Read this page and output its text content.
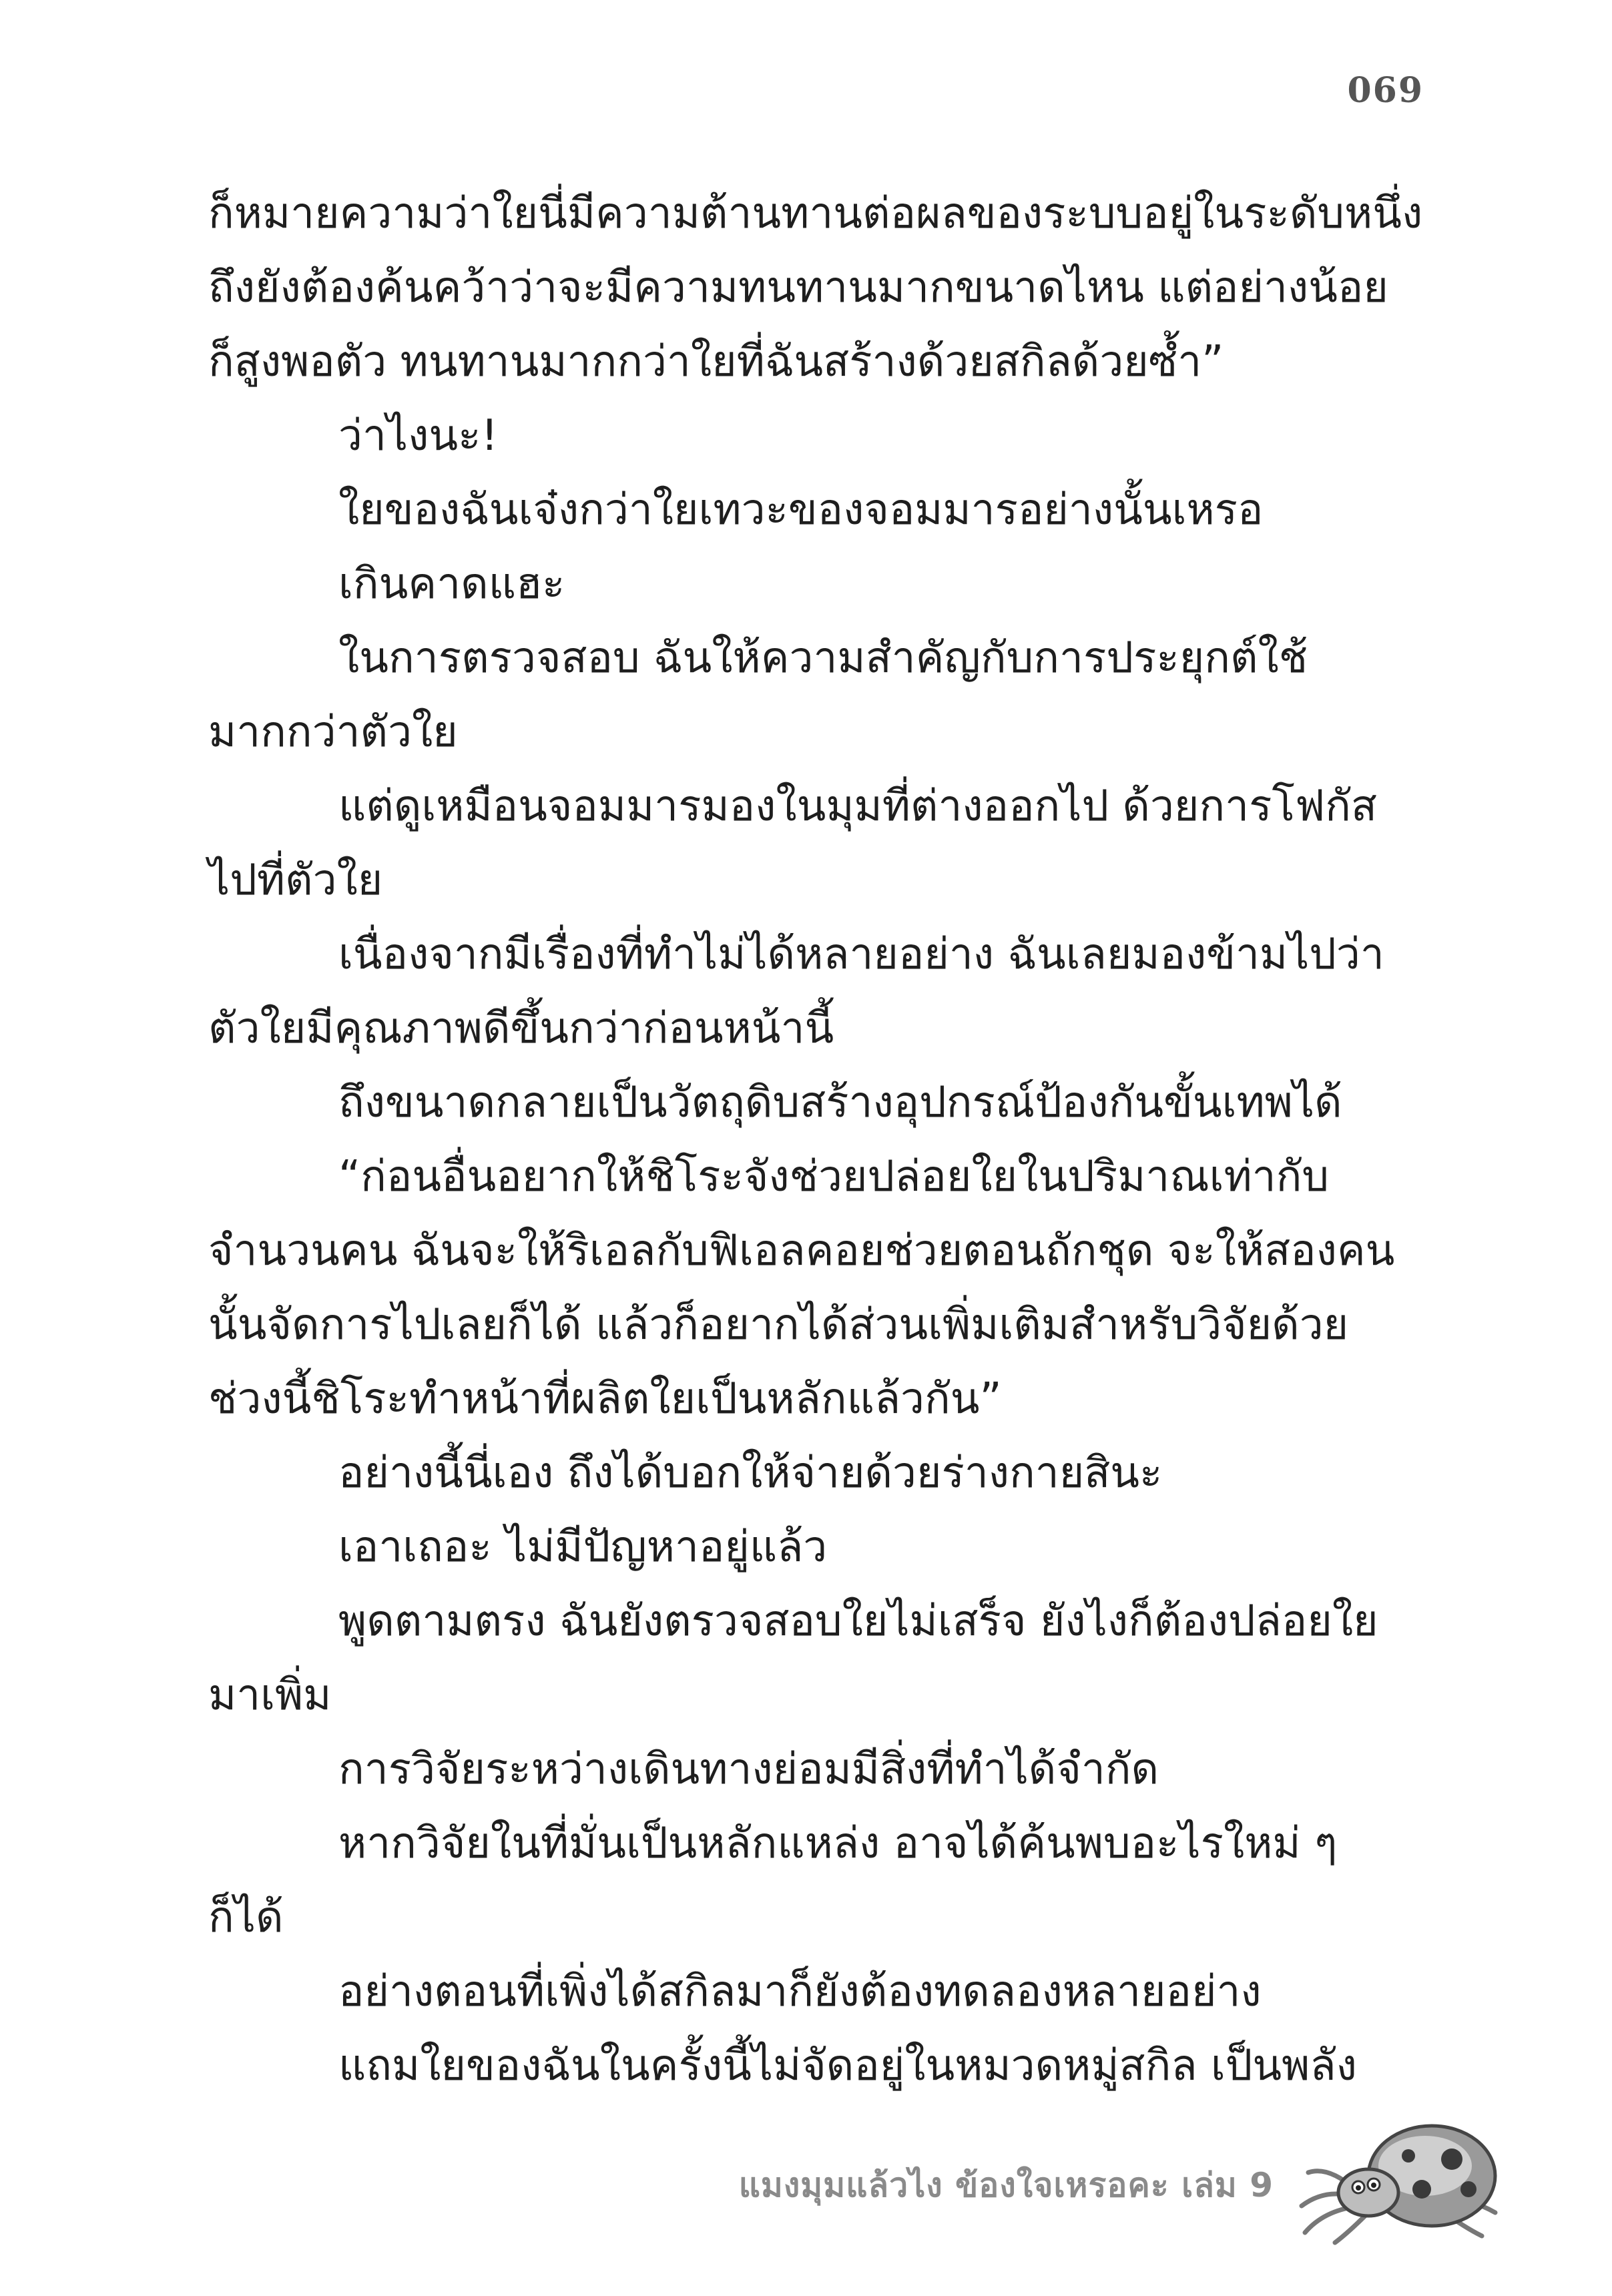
069
ก็หมายความว่าใยนี่มีความต้านทานต่อผลของระบบอยู่ในระดับหนึ่ง
ถึงยังต้องค้นคว้าว่าจะมีความทนทานมากขนาดไหน แต่อย่างน้อย
ก็สูงพอตัว ทนทานมากกว่าใยที่ฉันสร้างด้วยสกิลด้วยซ้ำ”
ว่าไงนะ!
ใยของฉันเจ๋งกว่าใยเทวะของจอมมารอย่างนั้นเหรอ
เกินคาดแฮะ
ในการตรวจสอบ ฉันให้ความสำคัญกับการประยุกต์ใช้
มากกว่าตัวใย
แต่ดูเหมือนจอมมารมองในมุมที่ต่างออกไป ด้วยการโฟกัส
ไปที่ตัวใย
เนื่องจากมีเรื่องที่ทำไม่ได้หลายอย่าง ฉันเลยมองข้ามไปว่า
ตัวใยมีคุณภาพดีขึ้นกว่าก่อนหน้านี้
ถึงขนาดกลายเป็นวัตถุดิบสร้างอุปกรณ์ป้องกันขั้นเทพได้
“ก่อนอื่นอยากให้ชิโระจังช่วยปล่อยใยในปริมาณเท่ากับ
จำนวนคน ฉันจะให้ริเอลกับฟิเอลคอยช่วยตอนถักชุด จะให้สองคน
นั้นจัดการไปเลยก็ได้ แล้วก็อยากได้ส่วนเพิ่มเติมสำหรับวิจัยด้วย
ช่วงนี้ชิโระทำหน้าที่ผลิตใยเป็นหลักแล้วกัน”
อย่างนี้นี่เอง ถึงได้บอกให้จ่ายด้วยร่างกายสินะ
เอาเถอะ ไม่มีปัญหาอยู่แล้ว
พูดตามตรง ฉันยังตรวจสอบใยไม่เสร็จ ยังไงก็ต้องปล่อยใย
มาเพิ่ม
การวิจัยระหว่างเดินทางย่อมมีสิ่งที่ทำได้จำกัด
หากวิจัยในที่มั่นเป็นหลักแหล่ง อาจได้ค้นพบอะไรใหม่ ๆ
ก็ได้
อย่างตอนที่เพิ่งได้สกิลมาก็ยังต้องทดลองหลายอย่าง
แถมใยของฉันในครั้งนี้ไม่จัดอยู่ในหมวดหมู่สกิล เป็นพลัง
แมงมุมแล้วไง ข้องใจเหรอคะ เล่ม 9
